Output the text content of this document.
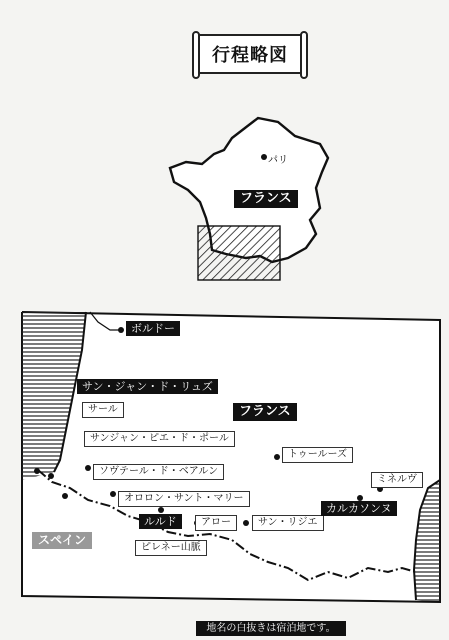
行程略図
パリ
フランス
ボルドー
サン・ジャン・ド・リュズ
サール
サンジャン・ピエ・ド・ポール
ソヴテール・ド・ベアルン
オロロン・サント・マリー
ルルド	アロー	サン・リジエ
トゥールーズ
ミネルヴ
カルカソンヌ
フランス
スペイン
ピレネー山脈
地名の白抜きは宿泊地です。
